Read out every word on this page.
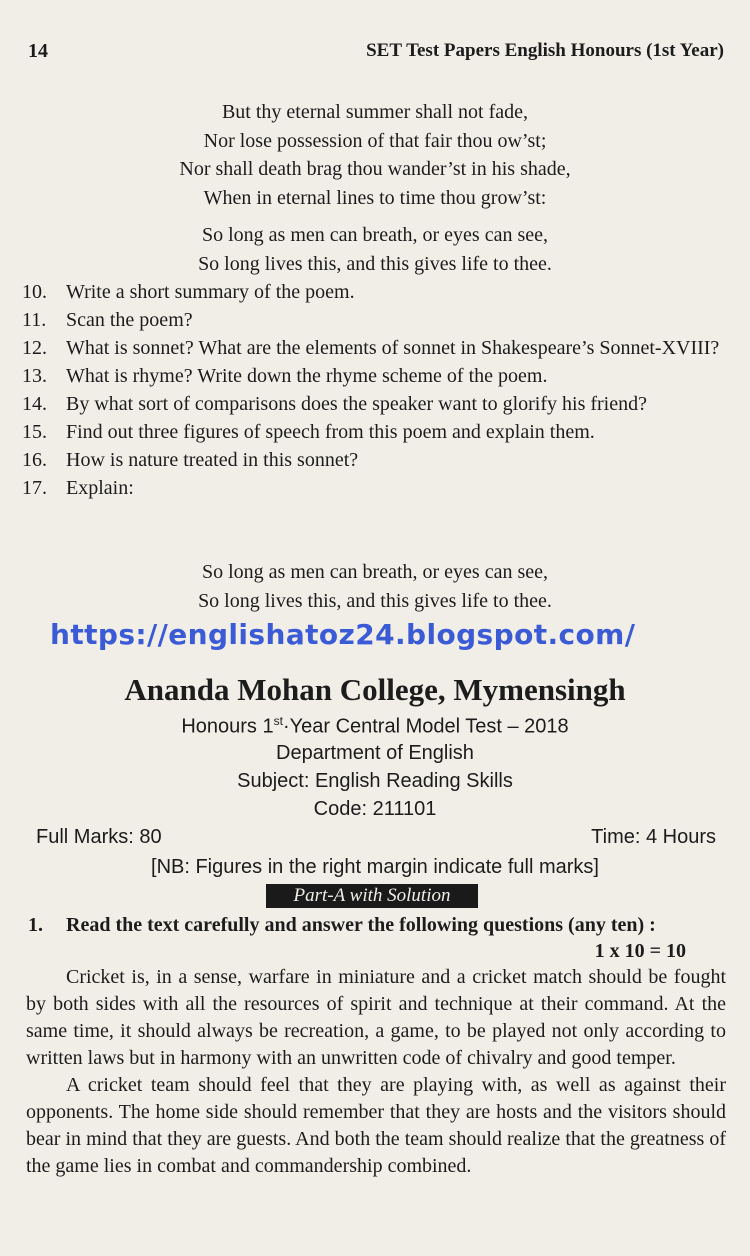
14	SET Test Papers English Honours (1st Year)
But thy eternal summer shall not fade,
Nor lose possession of that fair thou ow’st;
Nor shall death brag thou wander’st in his shade,
When in eternal lines to time thou grow’st:
So long as men can breath, or eyes can see,
So long lives this, and this gives life to thee.
10. Write a short summary of the poem.
11. Scan the poem?
12. What is sonnet? What are the elements of sonnet in Shakespeare’s Sonnet-XVIII?
13. What is rhyme? Write down the rhyme scheme of the poem.
14. By what sort of comparisons does the speaker want to glorify his friend?
15. Find out three figures of speech from this poem and explain them.
16. How is nature treated in this sonnet?
17. Explain:
So long as men can breath, or eyes can see,
So long lives this, and this gives life to thee.
https://englishatoz24.blogspot.com/
Ananda Mohan College, Mymensingh
Honours 1st·Year Central Model Test – 2018
Department of English
Subject: English Reading Skills
Code: 211101
Full Marks: 80	Time: 4 Hours
[NB: Figures in the right margin indicate full marks]
Part-A with Solution
1. Read the text carefully and answer the following questions (any ten) :
1 x 10 = 10

Cricket is, in a sense, warfare in miniature and a cricket match should be fought by both sides with all the resources of spirit and technique at their command. At the same time, it should always be recreation, a game, to be played not only according to written laws but in harmony with an unwritten code of chivalry and good temper.

A cricket team should feel that they are playing with, as well as against their opponents. The home side should remember that they are hosts and the visitors should bear in mind that they are guests. And both the team should realize that the greatness of the game lies in combat and commandership combined.
